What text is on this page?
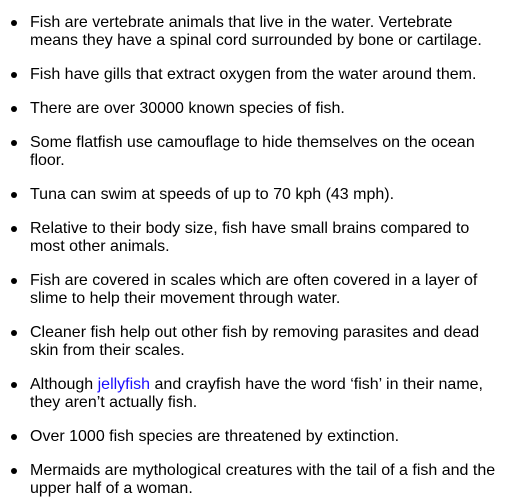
Fish are vertebrate animals that live in the water. Vertebrate means they have a spinal cord surrounded by bone or cartilage.
Fish have gills that extract oxygen from the water around them.
There are over 30000 known species of fish.
Some flatfish use camouflage to hide themselves on the ocean floor.
Tuna can swim at speeds of up to 70 kph (43 mph).
Relative to their body size, fish have small brains compared to most other animals.
Fish are covered in scales which are often covered in a layer of slime to help their movement through water.
Cleaner fish help out other fish by removing parasites and dead skin from their scales.
Although jellyfish and crayfish have the word ‘fish’ in their name, they aren’t actually fish.
Over 1000 fish species are threatened by extinction.
Mermaids are mythological creatures with the tail of a fish and the upper half of a woman.
